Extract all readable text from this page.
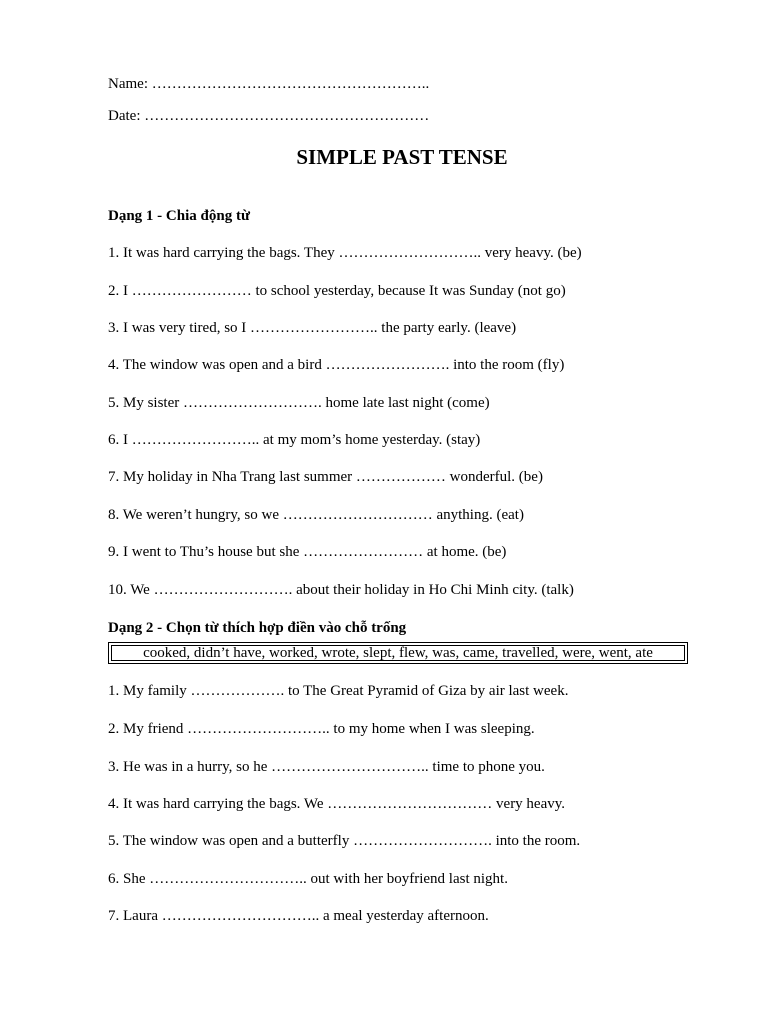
Name: ………………………………………………..
Date: …………………………………………………
SIMPLE PAST TENSE
Dạng 1 - Chia động từ
1. It was hard carrying the bags. They ……………………….. very heavy. (be)
2. I …………………… to school yesterday, because It was Sunday (not go)
3. I was very tired, so I …………………….. the party early. (leave)
4. The window was open and a bird ……………………. into the room (fly)
5. My sister ………………………. home late last night (come)
6. I …………………….. at my mom’s home yesterday. (stay)
7. My holiday in Nha Trang last summer ……………… wonderful. (be)
8. We weren’t hungry, so we ………………………… anything. (eat)
9. I went to Thu’s house but she …………………… at home. (be)
10. We ………………………. about their holiday in Ho Chi Minh city. (talk)
Dạng 2 - Chọn từ thích hợp điền vào chỗ trống
cooked, didn’t have, worked, wrote, slept, flew, was, came, travelled, were, went, ate
1. My family ………………. to The Great Pyramid of Giza by air last week.
2. My friend ……………………….. to my home when I was sleeping.
3. He was in a hurry, so he ………………………….. time to phone you.
4. It was hard carrying the bags. We …………………………… very heavy.
5. The window was open and a butterfly ………………………. into the room.
6. She ………………………….. out with her boyfriend last night.
7. Laura ………………………….. a meal yesterday afternoon.
